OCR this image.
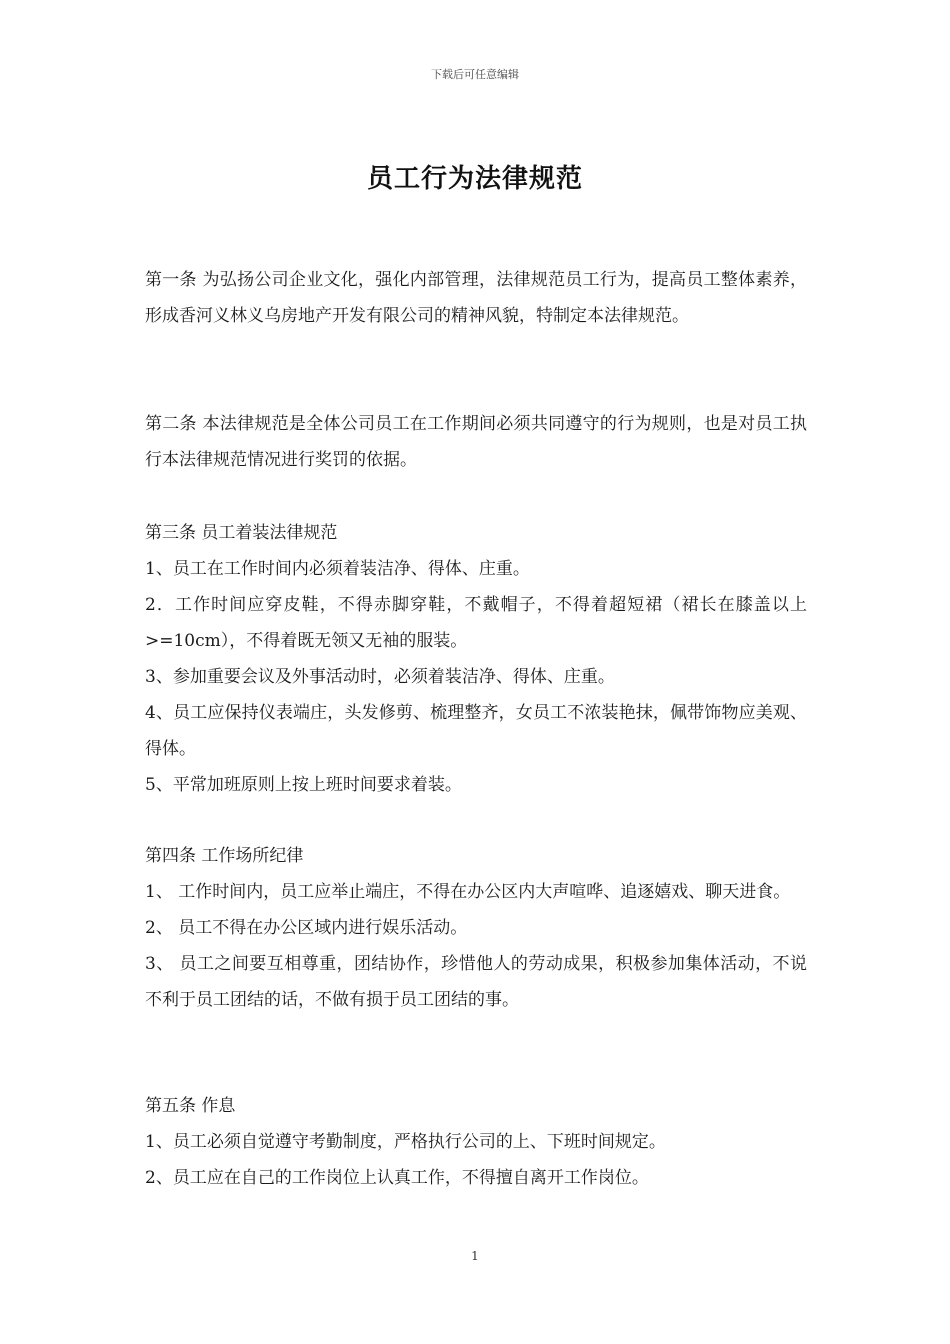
下载后可任意编辑
员工行为法律规范

第一条 为弘扬公司企业文化，强化内部管理，法律规范员工行为，提高员工整体素养，形成香河义林义乌房地产开发有限公司的精神风貌，特制定本法律规范。

第二条 本法律规范是全体公司员工在工作期间必须共同遵守的行为规则，也是对员工执行本法律规范情况进行奖罚的依据。

第三条 员工着装法律规范

1、员工在工作时间内必须着装洁净、得体、庄重。

2．工作时间应穿皮鞋，不得赤脚穿鞋，不戴帽子，不得着超短裙（裙长在膝盖以上>=10cm），不得着既无领又无袖的服装。

3、参加重要会议及外事活动时，必须着装洁净、得体、庄重。

4、员工应保持仪表端庄，头发修剪、梳理整齐，女员工不浓装艳抹，佩带饰物应美观、得体。

5、平常加班原则上按上班时间要求着装。

第四条 工作场所纪律

1、 工作时间内，员工应举止端庄，不得在办公区内大声喧哗、追逐嬉戏、聊天进食。

2、 员工不得在办公区域内进行娱乐活动。

3、 员工之间要互相尊重，团结协作，珍惜他人的劳动成果，积极参加集体活动，不说不利于员工团结的话，不做有损于员工团结的事。

第五条 作息

1、员工必须自觉遵守考勤制度，严格执行公司的上、下班时间规定。

2、员工应在自己的工作岗位上认真工作，不得擅自离开工作岗位。

1
